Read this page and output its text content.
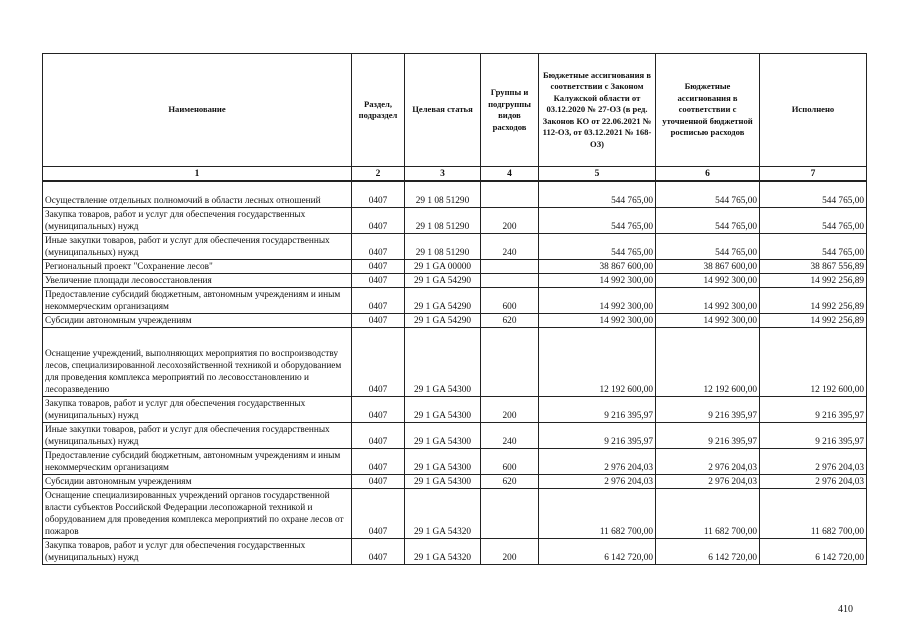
Наименование	Раздел, подраздел	Целевая статья	Группы и подгруппы видов расходов	Бюджетные ассигнования в соответствии с Законом Калужской области от 03.12.2020 № 27-ОЗ (в ред. Законов КО от 22.06.2021 № 112-ОЗ, от 03.12.2021 № 168-ОЗ)	Бюджетные ассигнования в соответствии с уточненной бюджетной росписью расходов	Исполнено
1	2	3	4	5	6	7
Осуществление отдельных полномочий в области лесных отношений	0407	29 1 08 51290		544 765,00	544 765,00	544 765,00
Закупка товаров, работ и услуг для обеспечения государственных (муниципальных) нужд	0407	29 1 08 51290	200	544 765,00	544 765,00	544 765,00
Иные закупки товаров, работ и услуг для обеспечения государственных (муниципальных) нужд	0407	29 1 08 51290	240	544 765,00	544 765,00	544 765,00
Региональный проект "Сохранение лесов"	0407	29 1 GA 00000		38 867 600,00	38 867 600,00	38 867 556,89
Увеличение площади лесовосстановления	0407	29 1 GA 54290		14 992 300,00	14 992 300,00	14 992 256,89
Предоставление субсидий бюджетным, автономным учреждениям и иным некоммерческим организациям	0407	29 1 GA 54290	600	14 992 300,00	14 992 300,00	14 992 256,89
Субсидии автономным учреждениям	0407	29 1 GA 54290	620	14 992 300,00	14 992 300,00	14 992 256,89
Оснащение учреждений, выполняющих мероприятия по воспроизводству лесов, специализированной лесохозяйственной техникой и оборудованием для проведения комплекса мероприятий по лесовосстановлению и лесоразведению	0407	29 1 GA 54300		12 192 600,00	12 192 600,00	12 192 600,00
Закупка товаров, работ и услуг для обеспечения государственных (муниципальных) нужд	0407	29 1 GA 54300	200	9 216 395,97	9 216 395,97	9 216 395,97
Иные закупки товаров, работ и услуг для обеспечения государственных (муниципальных) нужд	0407	29 1 GA 54300	240	9 216 395,97	9 216 395,97	9 216 395,97
Предоставление субсидий бюджетным, автономным учреждениям и иным некоммерческим организациям	0407	29 1 GA 54300	600	2 976 204,03	2 976 204,03	2 976 204,03
Субсидии автономным учреждениям	0407	29 1 GA 54300	620	2 976 204,03	2 976 204,03	2 976 204,03
Оснащение специализированных учреждений органов государственной власти субъектов Российской Федерации лесопожарной техникой и оборудованием для проведения комплекса мероприятий по охране лесов от пожаров	0407	29 1 GA 54320		11 682 700,00	11 682 700,00	11 682 700,00
Закупка товаров, работ и услуг для обеспечения государственных (муниципальных) нужд	0407	29 1 GA 54320	200	6 142 720,00	6 142 720,00	6 142 720,00
410
